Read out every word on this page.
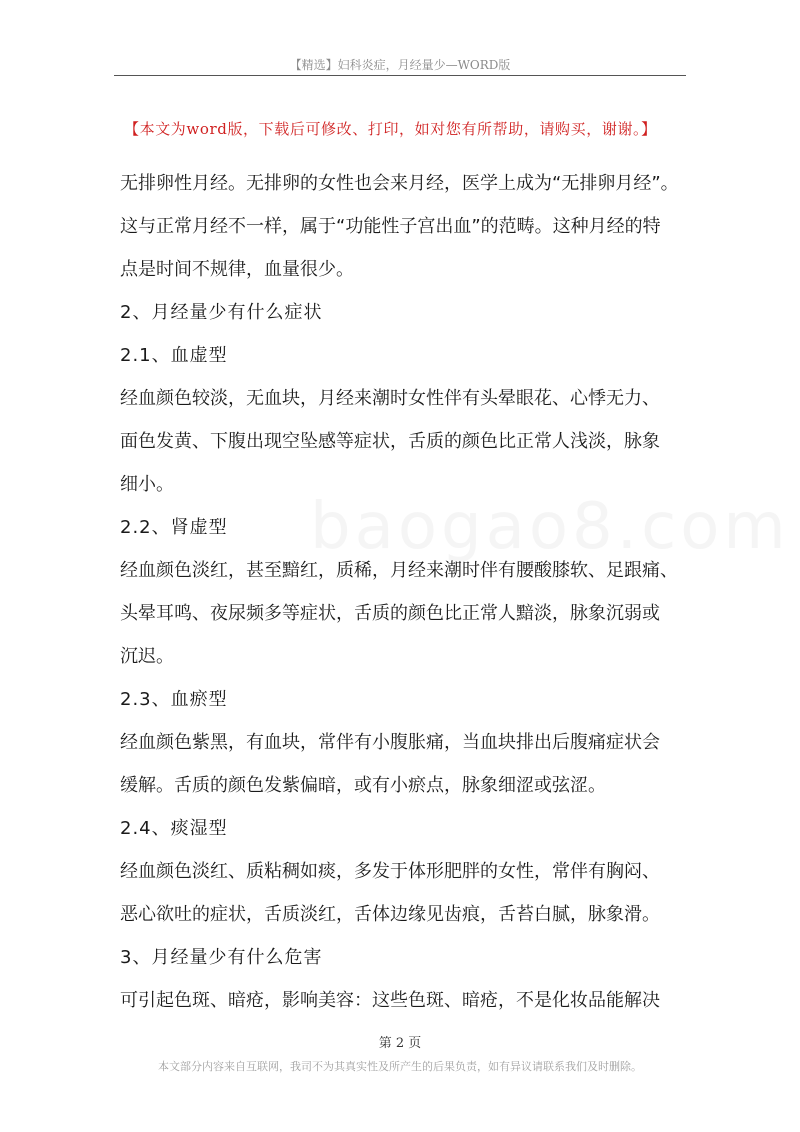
【精选】妇科炎症，月经量少—WORD版
【本文为word版，下载后可修改、打印，如对您有所帮助，请购买，谢谢。】
baogao8.com
无排卵性月经。无排卵的女性也会来月经，医学上成为“无排卵月经”。
这与正常月经不一样，属于“功能性子宫出血”的范畴。这种月经的特
点是时间不规律，血量很少。
2、月经量少有什么症状
2.1、血虚型
经血颜色较淡，无血块，月经来潮时女性伴有头晕眼花、心悸无力、
面色发黄、下腹出现空坠感等症状，舌质的颜色比正常人浅淡，脉象
细小。
2.2、肾虚型
经血颜色淡红，甚至黯红，质稀，月经来潮时伴有腰酸膝软、足跟痛、
头晕耳鸣、夜尿频多等症状，舌质的颜色比正常人黯淡，脉象沉弱或
沉迟。
2.3、血瘀型
经血颜色紫黑，有血块，常伴有小腹胀痛，当血块排出后腹痛症状会
缓解。舌质的颜色发紫偏暗，或有小瘀点，脉象细涩或弦涩。
2.4、痰湿型
经血颜色淡红、质粘稠如痰，多发于体形肥胖的女性，常伴有胸闷、
恶心欲吐的症状，舌质淡红，舌体边缘见齿痕，舌苔白腻，脉象滑。
3、月经量少有什么危害
可引起色斑、暗疮，影响美容：这些色斑、暗疮，不是化妆品能解决
第 2 页
本文部分内容来自互联网，我司不为其真实性及所产生的后果负责，如有异议请联系我们及时删除。
